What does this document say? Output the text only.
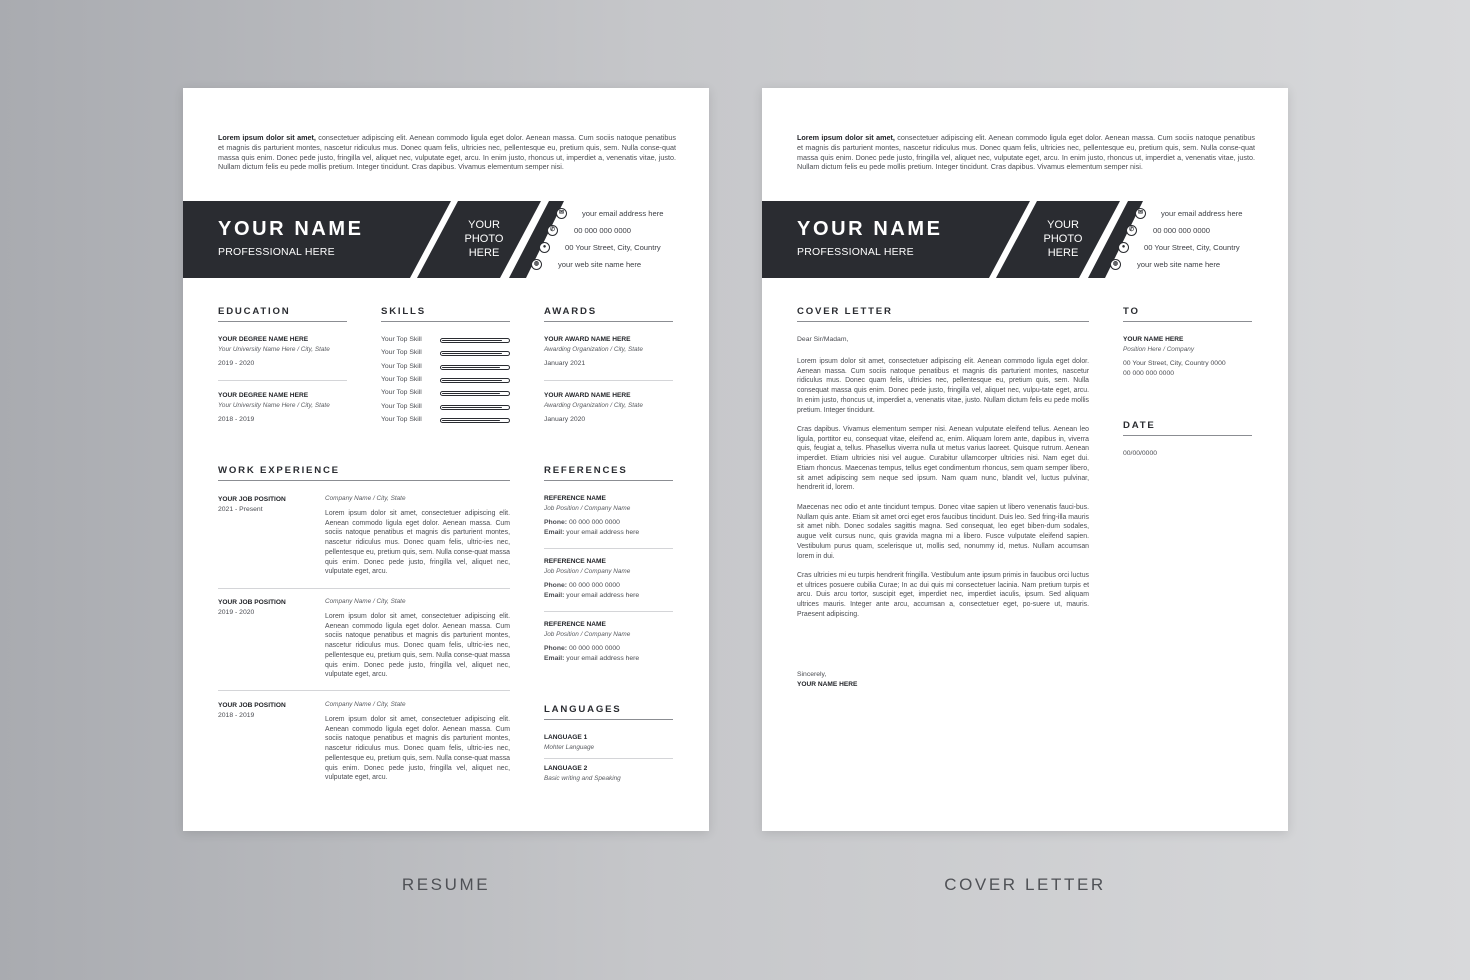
Lorem ipsum dolor sit amet, consectetuer adipiscing elit. Aenean commodo ligula eget dolor. Aenean massa. Cum sociis natoque penatibus et magnis dis parturient montes, nascetur ridiculus mus. Donec quam felis, ultricies nec, pellentesque eu, pretium quis, sem. Nulla conse-quat massa quis enim. Donec pede justo, fringilla vel, aliquet nec, vulputate eget, arcu. In enim justo, rhoncus ut, imperdiet a, venenatis vitae, justo. Nullam dictum felis eu pede mollis pretium. Integer tincidunt. Cras dapibus. Vivamus elementum semper nisi.

YOUR NAME
PROFESSIONAL HERE
YOUR
PHOTO
HERE
✉	your email address here
✆	00 000 000 0000
●	00 Your Street, City, Country
◍	your web site name here
EDUCATION
YOUR DEGREE NAME HERE
Your University Name Here / City, State
2019 - 2020
YOUR DEGREE NAME HERE
Your University Name Here / City, State
2018 - 2019
SKILLS	AWARDS
YOUR AWARD NAME HERE
Awarding Organization / City, State
January 2021
YOUR AWARD NAME HERE
Awarding Organization / City, State
January 2020
WORK EXPERIENCE
YOUR JOB POSITION
2021 - Present
Company Name / City, State

Lorem ipsum dolor sit amet, consectetuer adipiscing elit. Aenean commodo ligula eget dolor. Aenean massa. Cum sociis natoque penatibus et magnis dis parturient montes, nascetur ridiculus mus. Donec quam felis, ultric-ies nec, pellentesque eu, pretium quis, sem. Nulla conse-quat massa quis enim. Donec pede justo, fringilla vel, aliquet nec, vulputate eget, arcu.

YOUR JOB POSITION
2019 - 2020
Company Name / City, State

Lorem ipsum dolor sit amet, consectetuer adipiscing elit. Aenean commodo ligula eget dolor. Aenean massa. Cum sociis natoque penatibus et magnis dis parturient montes, nascetur ridiculus mus. Donec quam felis, ultric-ies nec, pellentesque eu, pretium quis, sem. Nulla conse-quat massa quis enim. Donec pede justo, fringilla vel, aliquet nec, vulputate eget, arcu.

YOUR JOB POSITION
2018 - 2019
Company Name / City, State

Lorem ipsum dolor sit amet, consectetuer adipiscing elit. Aenean commodo ligula eget dolor. Aenean massa. Cum sociis natoque penatibus et magnis dis parturient montes, nascetur ridiculus mus. Donec quam felis, ultric-ies nec, pellentesque eu, pretium quis, sem. Nulla conse-quat massa quis enim. Donec pede justo, fringilla vel, aliquet nec, vulputate eget, arcu.

REFERENCES
REFERENCE NAME
Job Position / Company Name
Phone: 00 000 000 0000
Email: your email address here
REFERENCE NAME
Job Position / Company Name
Phone: 00 000 000 0000
Email: your email address here
REFERENCE NAME
Job Position / Company Name
Phone: 00 000 000 0000
Email: your email address here
LANGUAGES
LANGUAGE 1
Mohter Language
LANGUAGE 2
Basic writing and Speaking
Your Top Skill
Your Top Skill
Your Top Skill
Your Top Skill
Your Top Skill
Your Top Skill
Your Top Skill

Lorem ipsum dolor sit amet, consectetuer adipiscing elit. Aenean commodo ligula eget dolor. Aenean massa. Cum sociis natoque penatibus et magnis dis parturient montes, nascetur ridiculus mus. Donec quam felis, ultricies nec, pellentesque eu, pretium quis, sem. Nulla conse-quat massa quis enim. Donec pede justo, fringilla vel, aliquet nec, vulputate eget, arcu. In enim justo, rhoncus ut, imperdiet a, venenatis vitae, justo. Nullam dictum felis eu pede mollis pretium. Integer tincidunt. Cras dapibus. Vivamus elementum semper nisi.

YOUR NAME
PROFESSIONAL HERE
YOUR
PHOTO
HERE
✉	your email address here
✆	00 000 000 0000
●	00 Your Street, City, Country
◍	your web site name here
COVER LETTER
Dear Sir/Madam,

Lorem ipsum dolor sit amet, consectetuer adipiscing elit. Aenean commodo ligula eget dolor. Aenean massa. Cum sociis natoque penatibus et magnis dis parturient montes, nascetur ridiculus mus. Donec quam felis, ultricies nec, pellentesque eu, pretium quis, sem. Nulla consequat massa quis enim. Donec pede justo, fringilla vel, aliquet nec, vulpu-tate eget, arcu. In enim justo, rhoncus ut, imperdiet a, venenatis vitae, justo. Nullam dictum felis eu pede mollis pretium. Integer tincidunt.

Cras dapibus. Vivamus elementum semper nisi. Aenean vulputate eleifend tellus. Aenean leo ligula, porttitor eu, consequat vitae, eleifend ac, enim. Aliquam lorem ante, dapibus in, viverra quis, feugiat a, tellus. Phasellus viverra nulla ut metus varius laoreet. Quisque rutrum. Aenean imperdiet. Etiam ultricies nisi vel augue. Curabitur ullamcorper ultricies nisi. Nam eget dui. Etiam rhoncus. Maecenas tempus, tellus eget condimentum rhoncus, sem quam semper libero, sit amet adipiscing sem neque sed ipsum. Nam quam nunc, blandit vel, luctus pulvinar, hendrerit id, lorem.

Maecenas nec odio et ante tincidunt tempus. Donec vitae sapien ut libero venenatis fauci-bus. Nullam quis ante. Etiam sit amet orci eget eros faucibus tincidunt. Duis leo. Sed fring-illa mauris sit amet nibh. Donec sodales sagittis magna. Sed consequat, leo eget biben-dum sodales, augue velit cursus nunc, quis gravida magna mi a libero. Fusce vulputate eleifend sapien. Vestibulum purus quam, scelerisque ut, mollis sed, nonummy id, metus. Nullam accumsan lorem in dui.

Cras ultricies mi eu turpis hendrerit fringilla. Vestibulum ante ipsum primis in faucibus orci luctus et ultrices posuere cubilia Curae; In ac dui quis mi consectetuer lacinia. Nam pretium turpis et arcu. Duis arcu tortor, suscipit eget, imperdiet nec, imperdiet iaculis, ipsum. Sed aliquam ultrices mauris. Integer ante arcu, accumsan a, consectetuer eget, po-suere ut, mauris. Praesent adipiscing.

Sincerely,
YOUR NAME HERE
TO
YOUR NAME HERE
Position Here / Company
00 Your Street, City, Country 0000
00 000 000 0000
DATE
00/00/0000
RESUME	COVER LETTER
